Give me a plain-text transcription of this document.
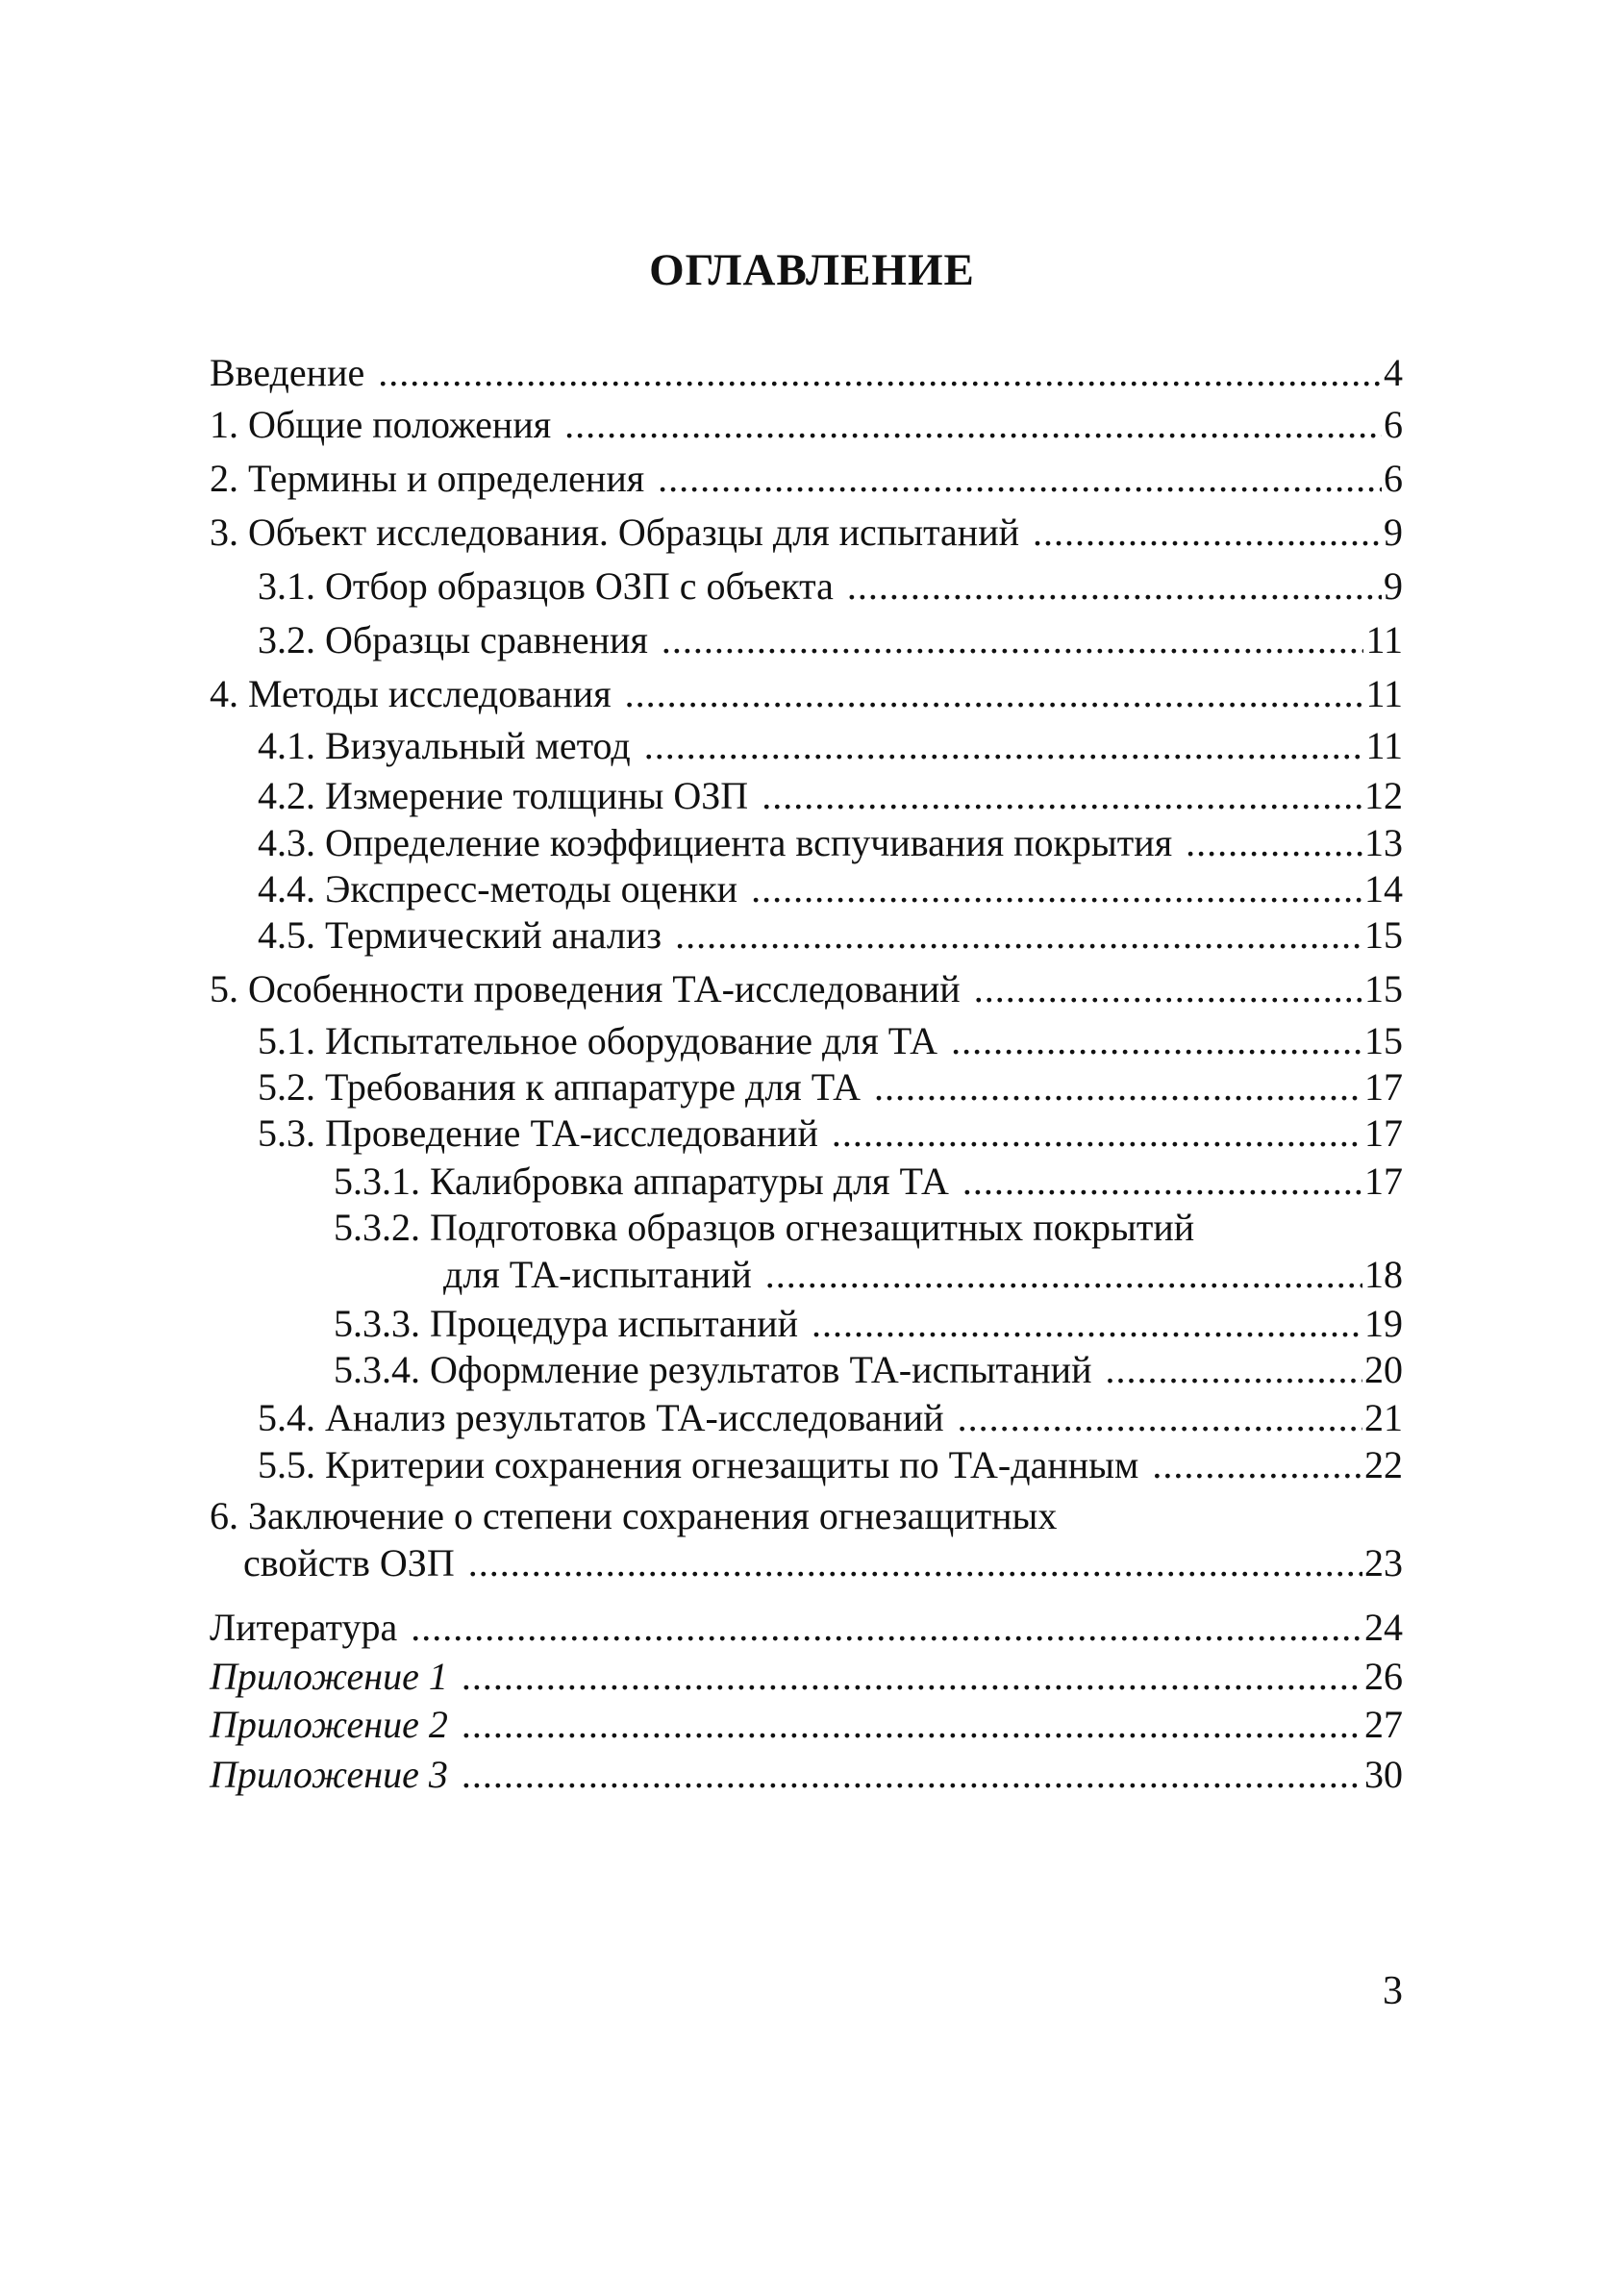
ОГЛАВЛЕНИЕ
Введение .....	4
1. Общие положения .....	6
2. Термины и определения .....	6
3. Объект исследования. Образцы для испытаний .....	9
3.1. Отбор образцов ОЗП с объекта .....	9
3.2. Образцы сравнения .....	11
4. Методы исследования .....	11
4.1. Визуальный метод .....	11
4.2. Измерение толщины ОЗП .....	12
4.3. Определение коэффициента вспучивания покрытия .....	13
4.4. Экспресс-методы оценки .....	14
4.5. Термический анализ .....	15
5. Особенности проведения ТА-исследований .....	15
5.1. Испытательное оборудование для ТА .....	15
5.2. Требования к аппаратуре для ТА .....	17
5.3. Проведение ТА-исследований .....	17
5.3.1. Калибровка аппаратуры для ТА .....	17
5.3.2. Подготовка образцов огнезащитных покрытий
для ТА-испытаний .....	18
5.3.3. Процедура испытаний .....	19
5.3.4. Оформление результатов ТА-испытаний .....	20
5.4. Анализ результатов ТА-исследований .....	21
5.5. Критерии сохранения огнезащиты по ТА-данным .....	22
6. Заключение о степени сохранения огнезащитных
свойств ОЗП .....	23
Литература .....	24
Приложение 1 .....	26
Приложение 2 .....	27
Приложение 3 .....	30
3
